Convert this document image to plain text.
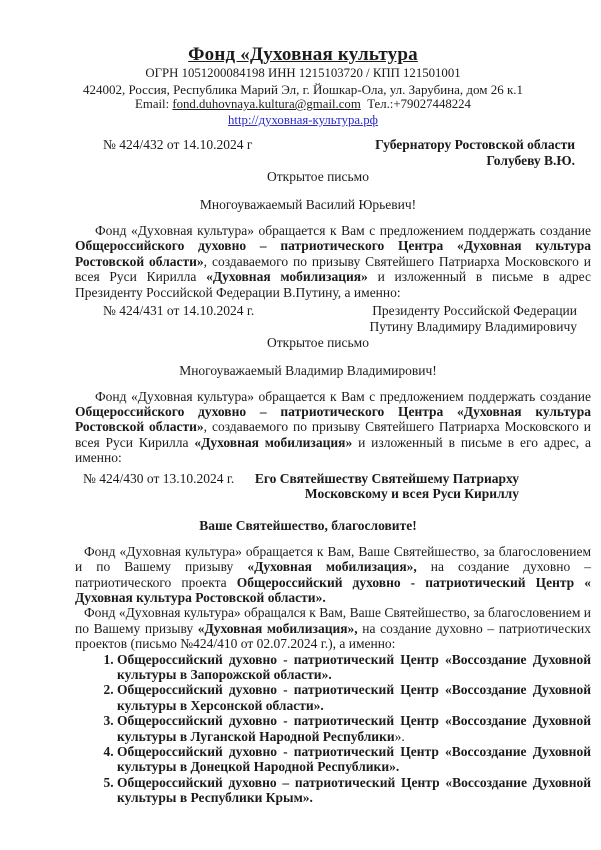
Фонд «Духовная культура
ОГРН 1051200084198 ИНН 1215103720 / КПП 121501001
424002, Россия, Республика Марий Эл, г. Йошкар-Ола, ул. Зарубина, дом 26 к.1
Email: fond.duhovnaya.kultura@gmail.com Тел.:+79027448224
http://духовная-культура.рф
№ 424/432 от 14.10.2024 г	Губернатору Ростовской области
Голубеву В.Ю.
Открытое письмо
Многоуважаемый Василий Юрьевич!

Фонд «Духовная культура» обращается к Вам с предложением поддержать создание Общероссийского духовно – патриотического Центра «Духовная культура Ростовской области», создаваемого по призыву Святейшего Патриарха Московского и всея Руси Кирилла «Духовная мобилизация» и изложенный в письме в адрес Президенту Российской Федерации В.Путину, а именно:

№ 424/431 от 14.10.2024 г.	Президенту Российской Федерации
Путину Владимиру Владимировичу
Открытое письмо
Многоуважаемый Владимир Владимирович!

Фонд «Духовная культура» обращается к Вам с предложением поддержать создание Общероссийского духовно – патриотического Центра «Духовная культура Ростовской области», создаваемого по призыву Святейшего Патриарха Московского и всея Руси Кирилла «Духовная мобилизация» и изложенный в письме в его адрес, а именно:

№ 424/430 от 13.10.2024 г. Его Святейшеству Святейшему Патриарху
Московскому и всея Руси Кириллу
Ваше Святейшество, благословите!

Фонд «Духовная культура» обращается к Вам, Ваше Святейшество, за благословением и по Вашему призыву «Духовная мобилизация», на создание духовно – патриотического проекта Общероссийский духовно - патриотический Центр « Духовная культура Ростовской области».

Фонд «Духовная культура» обращался к Вам, Ваше Святейшество, за благословением и по Вашему призыву «Духовная мобилизация», на создание духовно – патриотических проектов (письмо №424/410 от 02.07.2024 г.), а именно:

1. Общероссийский духовно - патриотический Центр «Воссоздание Духовной культуры в Запорожской области».
2. Общероссийский духовно - патриотический Центр «Воссоздание Духовной культуры в Херсонской области».
3. Общероссийский духовно - патриотический Центр «Воссоздание Духовной культуры в Луганской Народной Республики».
4. Общероссийский духовно - патриотический Центр «Воссоздание Духовной культуры в Донецкой Народной Республики».
5. Общероссийский духовно – патриотический Центр «Воссоздание Духовной культуры в Республики Крым».
